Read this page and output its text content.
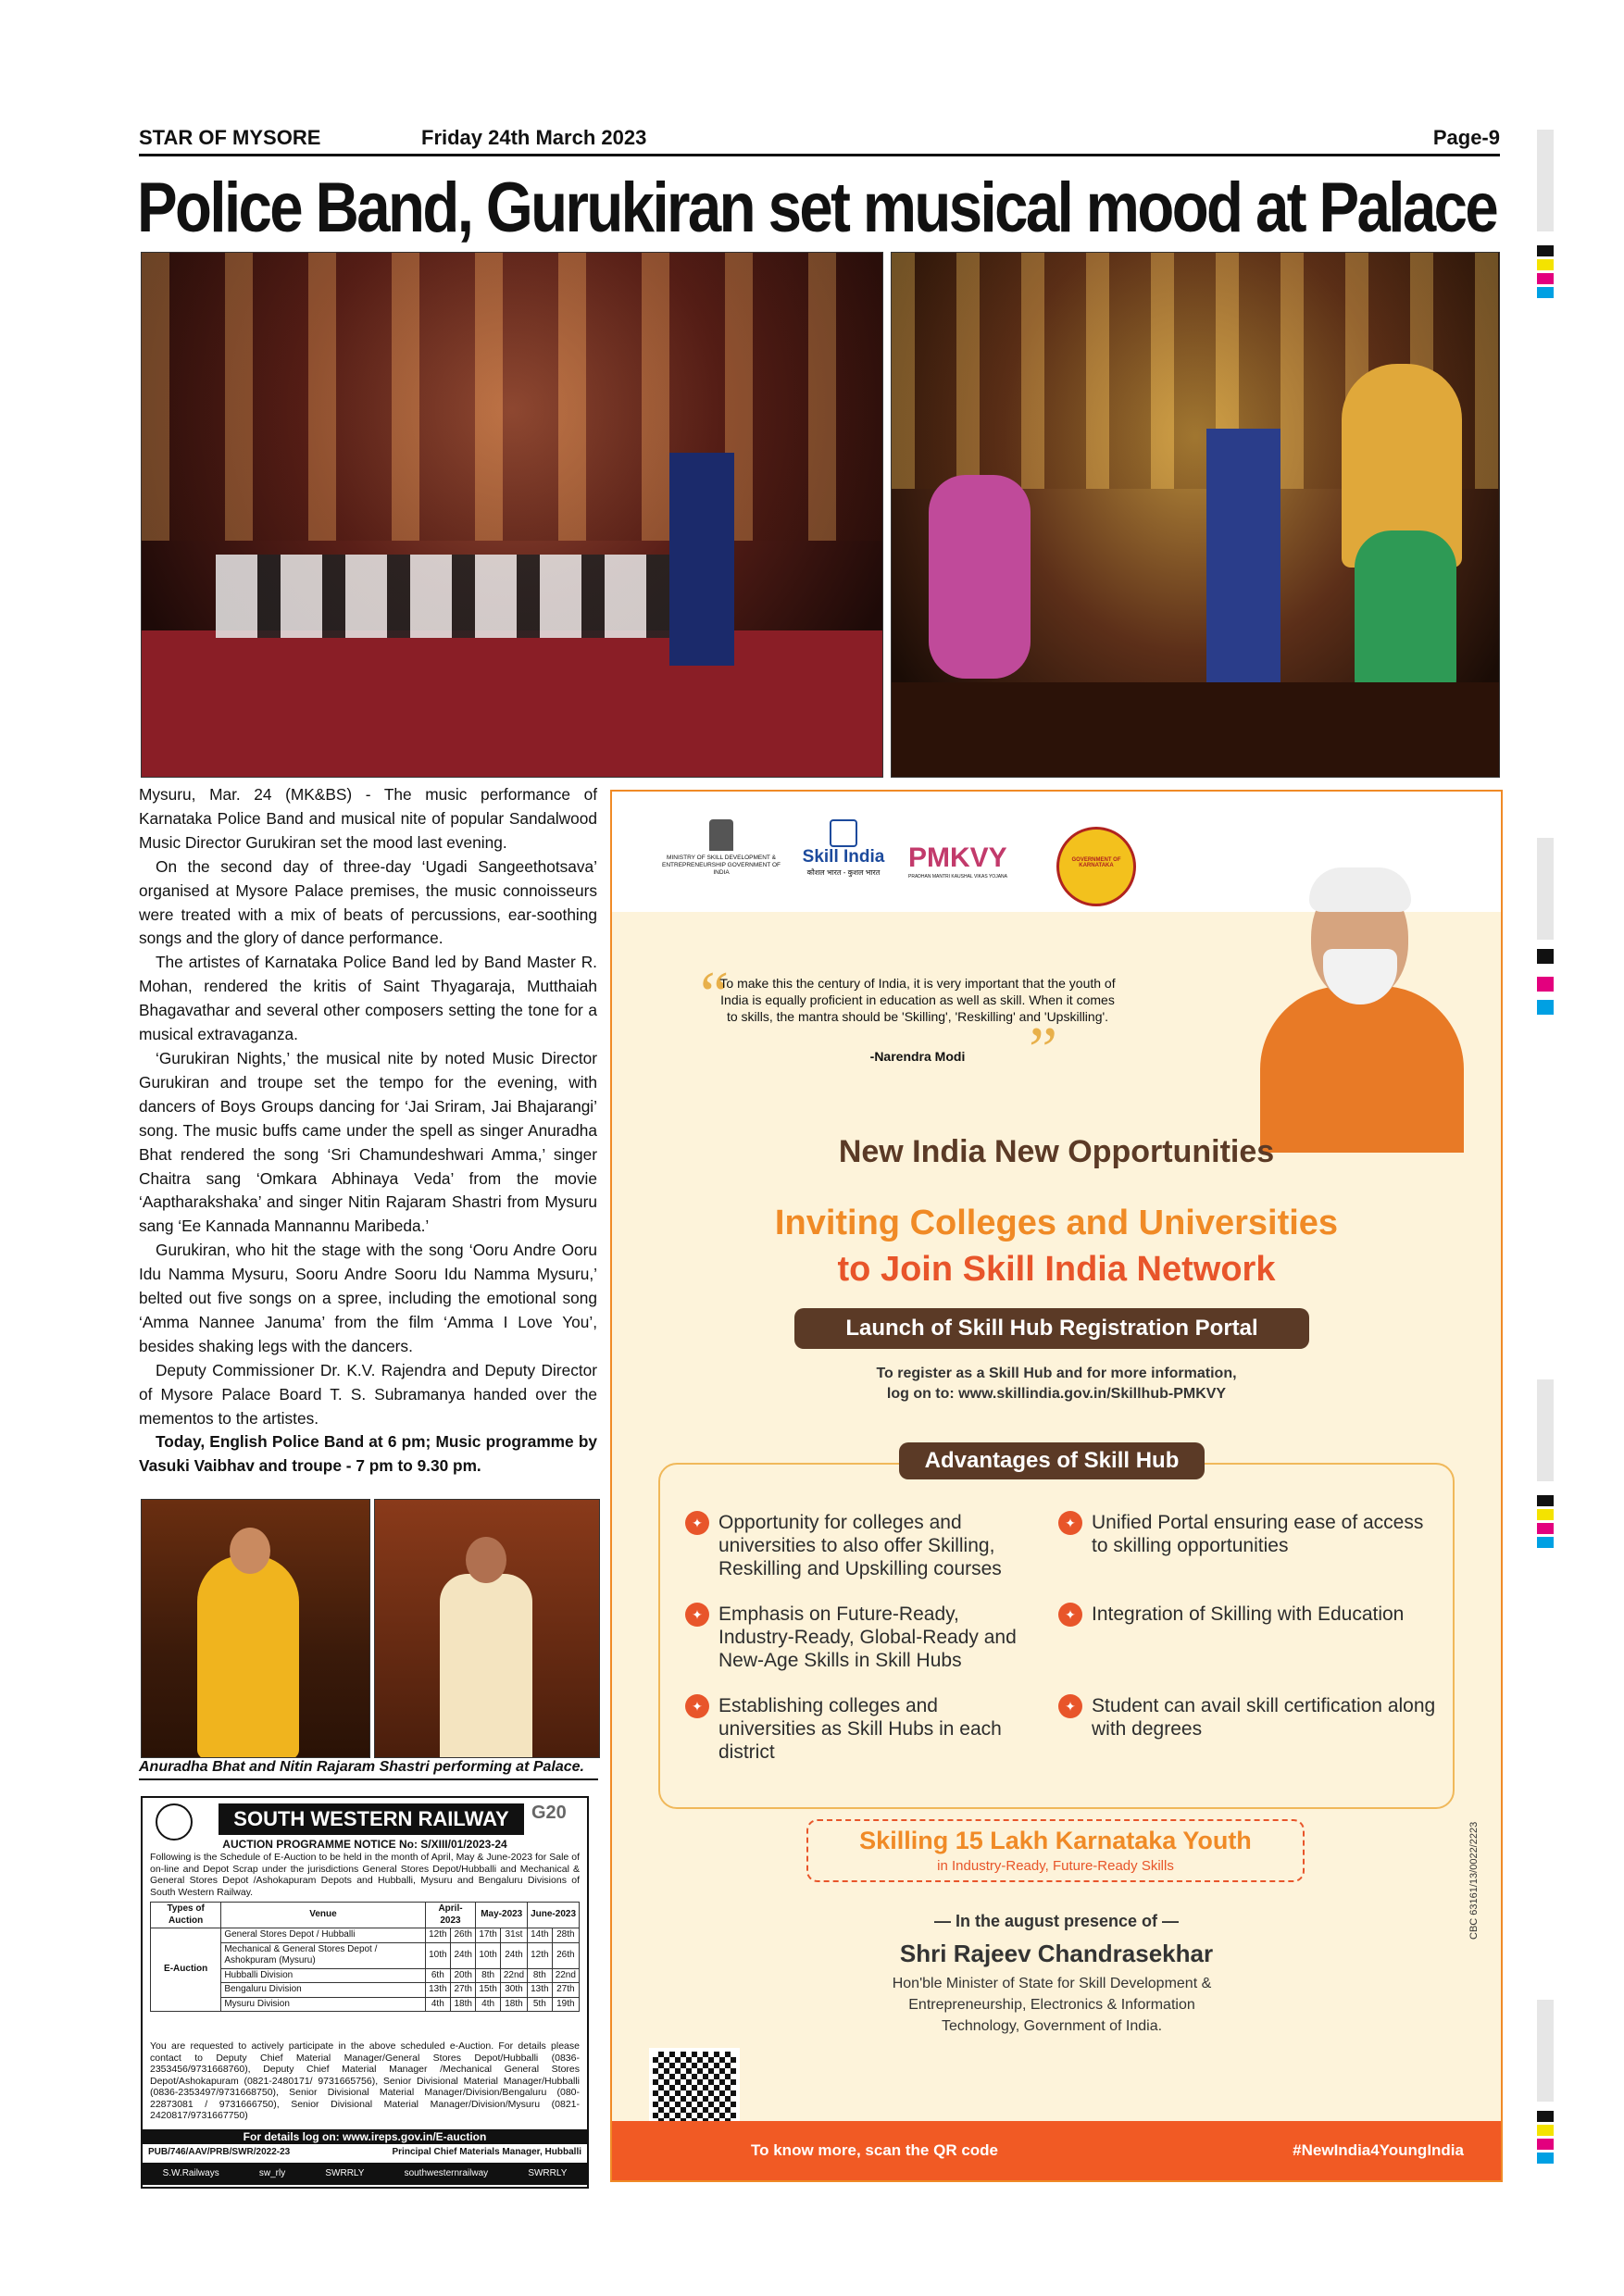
STAR OF MYSORE	Friday 24th March 2023	Page-9
Police Band, Gurukiran set musical mood at Palace

Mysuru, Mar. 24 (MK&BS) - The music performance of Karnataka Police Band and musical nite of popular Sandalwood Music Director Gurukiran set the mood last evening.

On the second day of three-day ‘Ugadi Sangeethotsava’ organised at Mysore Palace premises, the music connoisseurs were treated with a mix of beats of percussions, ear-soothing songs and the glory of dance performance.

The artistes of Karnataka Police Band led by Band Master R. Mohan, rendered the kritis of Saint Thyagaraja, Mutthaiah Bhagavathar and several other composers setting the tone for a musical extravaganza.

‘Gurukiran Nights,’ the musical nite by noted Music Director Gurukiran and troupe set the tempo for the evening, with dancers of Boys Groups dancing for ‘Jai Sriram, Jai Bhajarangi’ song. The music buffs came under the spell as singer Anuradha Bhat rendered the song ‘Sri Chamundeshwari Amma,’ singer Chaitra sang ‘Omkara Abhinaya Veda’ from the movie ‘Aaptharakshaka’ and singer Nitin Rajaram Shastri from Mysuru sang ‘Ee Kannada Mannannu Maribeda.’

Gurukiran, who hit the stage with the song ‘Ooru Andre Ooru Idu Namma Mysuru, Sooru Andre Sooru Idu Namma Mysuru,’ belted out five songs on a spree, including the emotional song ‘Amma Nannee Januma’ from the film ‘Amma I Love You’, besides shaking legs with the dancers.

Deputy Commissioner Dr. K.V. Rajendra and Deputy Director of Mysore Palace Board T. S. Subramanya handed over the mementos to the artistes.

Today, English Police Band at 6 pm; Music programme by Vasuki Vaibhav and troupe - 7 pm to 9.30 pm.

Anuradha Bhat and Nitin Rajaram Shastri performing at Palace.
SOUTH WESTERN RAILWAY	G20
AUCTION PROGRAMME NOTICE No: S/XIII/01/2023-24
Following is the Schedule of E-Auction to be held in the month of April, May & June-2023 for Sale of on-line and Depot Scrap under the jurisdictions General Stores Depot/Hubballi and Mechanical & General Stores Depot /Ashokapuram Depots and Hubballi, Mysuru and Bengaluru Divisions of South Western Railway.
Types of Auction	Venue	April-2023		May-2023		June-2023	
E-Auction	General Stores Depot / Hubballi	12th	26th	17th	31st	14th	28th
	Mechanical & General Stores Depot / Ashokpuram (Mysuru)	10th	24th	10th	24th	12th	26th
	Hubballi Division	6th	20th	8th	22nd	8th	22nd
	Bengaluru Division	13th	27th	15th	30th	13th	27th
	Mysuru Division	4th	18th	4th	18th	5th	19th
You are requested to actively participate in the above scheduled e-Auction. For details please contact to Deputy Chief Material Manager/General Stores Depot/Hubballi (0836-2353456/9731668760), Deputy Chief Material Manager /Mechanical General Stores Depot/Ashokapuram (0821-2480171/ 9731665756), Senior Divisional Material Manager/Hubballi (0836-2353497/9731668750), Senior Divisional Material Manager/Division/Bengaluru (080-22873081 / 9731666750), Senior Divisional Material Manager/Division/Mysuru (0821-2420817/9731667750)
For details log on: www.ireps.gov.in/E-auction
PUB/746/AAV/PRB/SWR/2022-23	Principal Chief Materials Manager, Hubballi
S.W.Railways	sw_rly	SWRRLY	southwesternrailway	SWRRLY
MINISTRY OF SKILL DEVELOPMENT & ENTREPRENEURSHIP GOVERNMENT OF INDIA
Skill India
कौशल भारत - कुशल भारत PMKVY
PRADHAN MANTRI KAUSHAL VIKAS YOJANA
GOVERNMENT OF KARNATAKA
“
To make this the century of India, it is very important that the youth of India is equally proficient in education as well as skill. When it comes to skills, the mantra should be 'Skilling', 'Reskilling' and 'Upskilling'.
-Narendra Modi ”
New India New Opportunities
Inviting Colleges and Universities
to Join Skill India Network
Launch of Skill Hub Registration Portal
To register as a Skill Hub and for more information,
log on to: www.skillindia.gov.in/Skillhub-PMKVY
Advantages of Skill Hub
✦ Opportunity for colleges and universities to also offer Skilling, Reskilling and Upskilling courses
✦ Unified Portal ensuring ease of access to skilling opportunities
✦ Emphasis on Future-Ready, Industry-Ready, Global-Ready and New-Age Skills in Skill Hubs
✦ Integration of Skilling with Education
✦ Establishing colleges and universities as Skill Hubs in each district
✦ Student can avail skill certification along with degrees
Skilling 15 Lakh Karnataka Youth
in Industry-Ready, Future-Ready Skills
— In the august presence of —
Shri Rajeev Chandrasekhar
Hon'ble Minister of State for Skill Development & Entrepreneurship, Electronics & Information Technology, Government of India.
To know more, scan the QR code	#NewIndia4YoungIndia
CBC 63161/13/0022/2223
